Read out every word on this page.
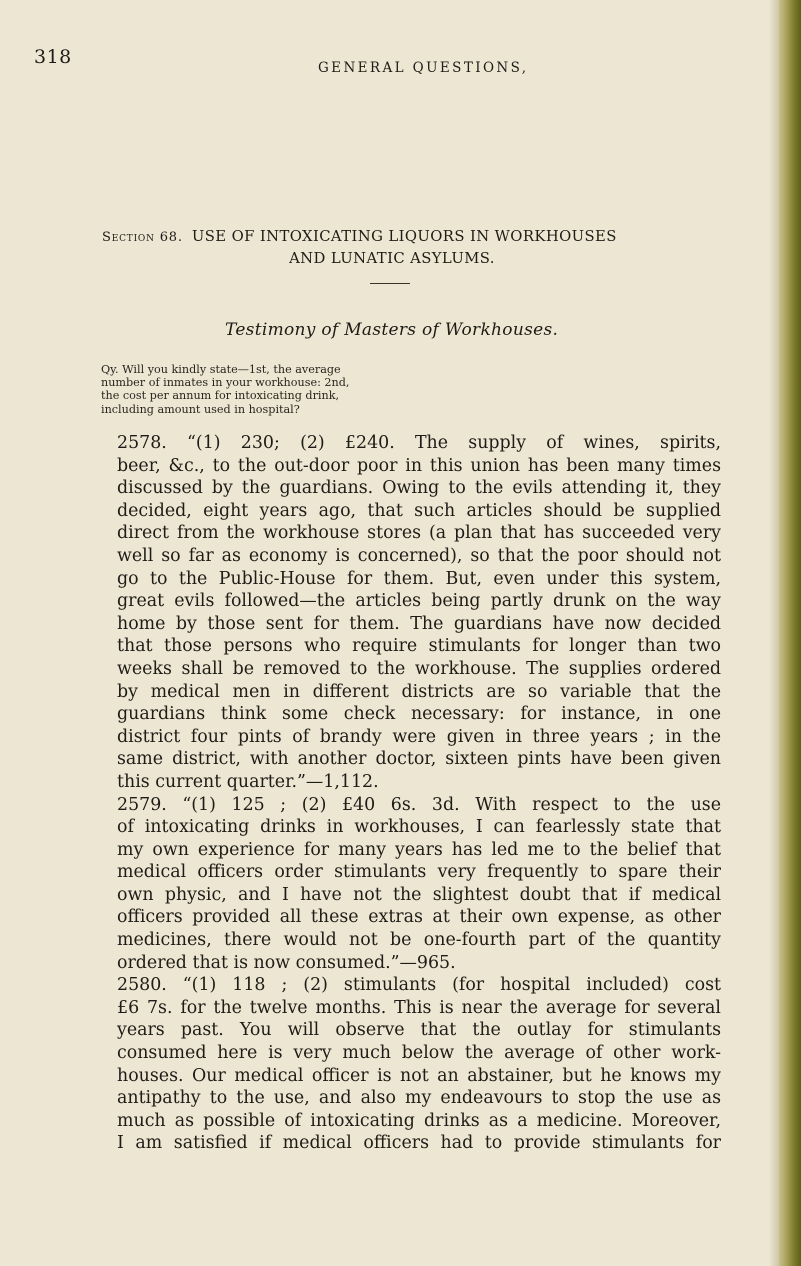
318	GENERAL QUESTIONS,
Section 68. USE OF INTOXICATING LIQUORS IN WORKHOUSES
AND LUNATIC ASYLUMS.
Testimony of Masters of Workhouses.
Qy. Will you kindly state—1st, the average number of inmates in your workhouse: 2nd, the cost per annum for intoxicating drink, including amount used in hospital?

2578. “(1) 230; (2) £240. The supply of wines, spirits,
beer, &c., to the out-door poor in this union has been many times
discussed by the guardians. Owing to the evils attending it, they
decided, eight years ago, that such articles should be supplied
direct from the workhouse stores (a plan that has succeeded very
well so far as economy is concerned), so that the poor should not
go to the Public-House for them. But, even under this system,
great evils followed—the articles being partly drunk on the way
home by those sent for them. The guardians have now decided
that those persons who require stimulants for longer than two
weeks shall be removed to the workhouse. The supplies ordered
by medical men in different districts are so variable that the
guardians think some check necessary: for instance, in one
district four pints of brandy were given in three years ; in the
same district, with another doctor, sixteen pints have been given
this current quarter.”—1,112.

2579. “(1) 125 ; (2) £40 6s. 3d. With respect to the use
of intoxicating drinks in workhouses, I can fearlessly state that
my own experience for many years has led me to the belief that
medical officers order stimulants very frequently to spare their
own physic, and I have not the slightest doubt that if medical
officers provided all these extras at their own expense, as other
medicines, there would not be one-fourth part of the quantity
ordered that is now consumed.”—965.

2580. “(1) 118 ; (2) stimulants (for hospital included) cost
£6 7s. for the twelve months. This is near the average for several
years past. You will observe that the outlay for stimulants
consumed here is very much below the average of other work-
houses. Our medical officer is not an abstainer, but he knows my
antipathy to the use, and also my endeavours to stop the use as
much as possible of intoxicating drinks as a medicine. Moreover,
I am satisfied if medical officers had to provide stimulants for
